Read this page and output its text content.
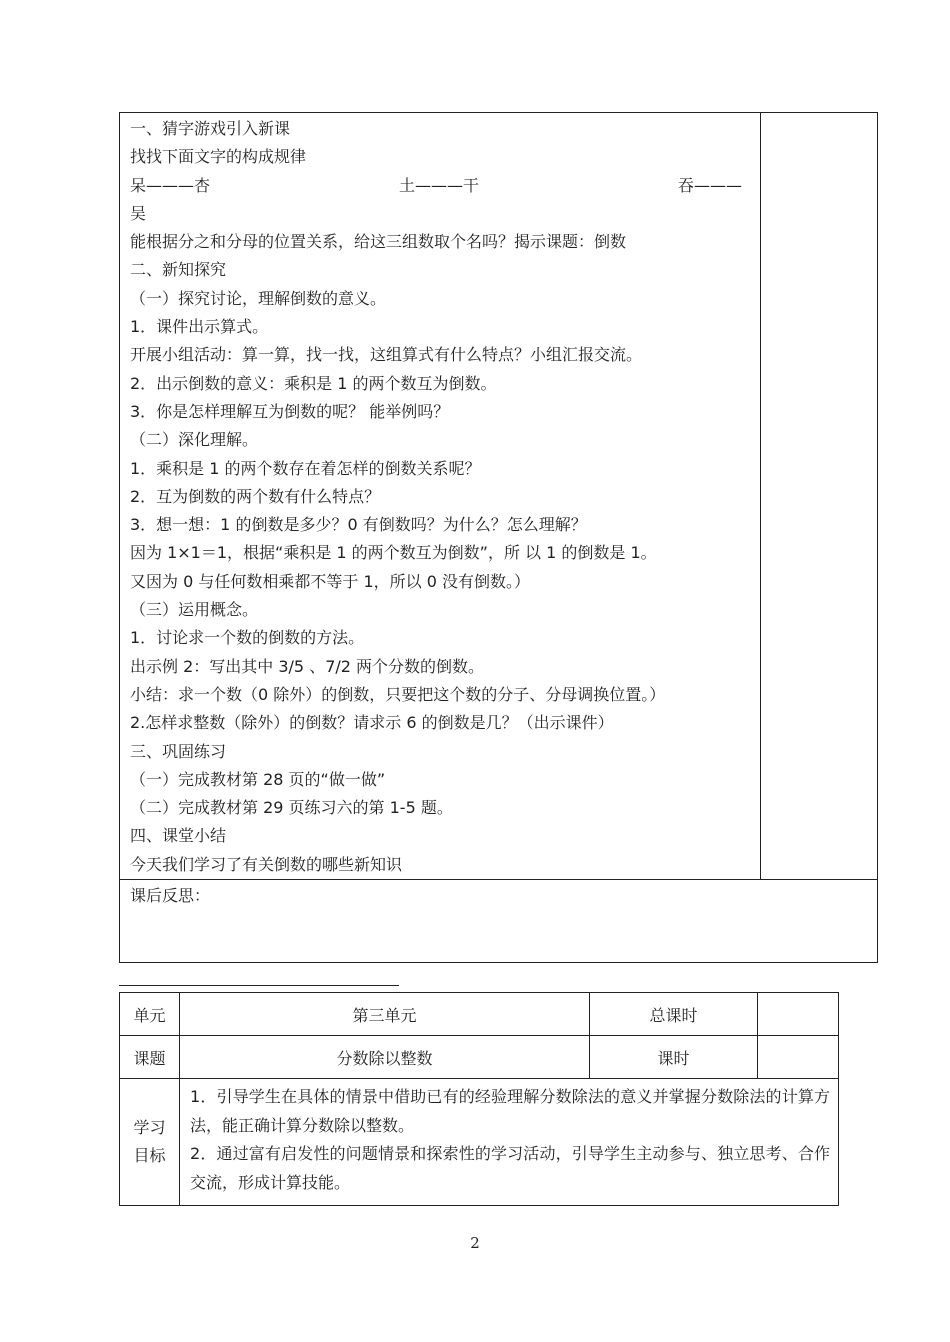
一、猜字游戏引入新课
找找下面文字的构成规律
呆———杏	土———干	吞———
吴
能根据分之和分母的位置关系，给这三组数取个名吗？揭示课题：倒数
二、新知探究
（一）探究讨论，理解倒数的意义。
1．课件出示算式。
开展小组活动：算一算，找一找，这组算式有什么特点？小组汇报交流。
2．出示倒数的意义：乘积是 1 的两个数互为倒数。
3．你是怎样理解互为倒数的呢？ 能举例吗？
（二）深化理解。
1．乘积是 1 的两个数存在着怎样的倒数关系呢？
2．互为倒数的两个数有什么特点？
3．想一想：1 的倒数是多少？0 有倒数吗？为什么？怎么理解？
因为 1×1＝1，根据“乘积是 1 的两个数互为倒数”，所 以 1 的倒数是 1。
又因为 0 与任何数相乘都不等于 1，所以 0 没有倒数。）
（三）运用概念。
1．讨论求一个数的倒数的方法。
出示例 2：写出其中 3/5 、7/2 两个分数的倒数。
小结：求一个数（0 除外）的倒数，只要把这个数的分子、分母调换位置。）
2.怎样求整数（除外）的倒数？请求示 6 的倒数是几？（出示课件）
三、巩固练习
（一）完成教材第 28 页的“做一做”
（二）完成教材第 29 页练习六的第 1-5 题。
四、课堂小结
今天我们学习了有关倒数的哪些新知识
课后反思：
单元	第三单元	总课时
课题	分数除以整数	课时
学习
目标
1．引导学生在具体的情景中借助已有的经验理解分数除法的意义并掌握分数除法的计算方法，能正确计算分数除以整数。
2．通过富有启发性的问题情景和探索性的学习活动，引导学生主动参与、独立思考、合作交流，形成计算技能。
2
